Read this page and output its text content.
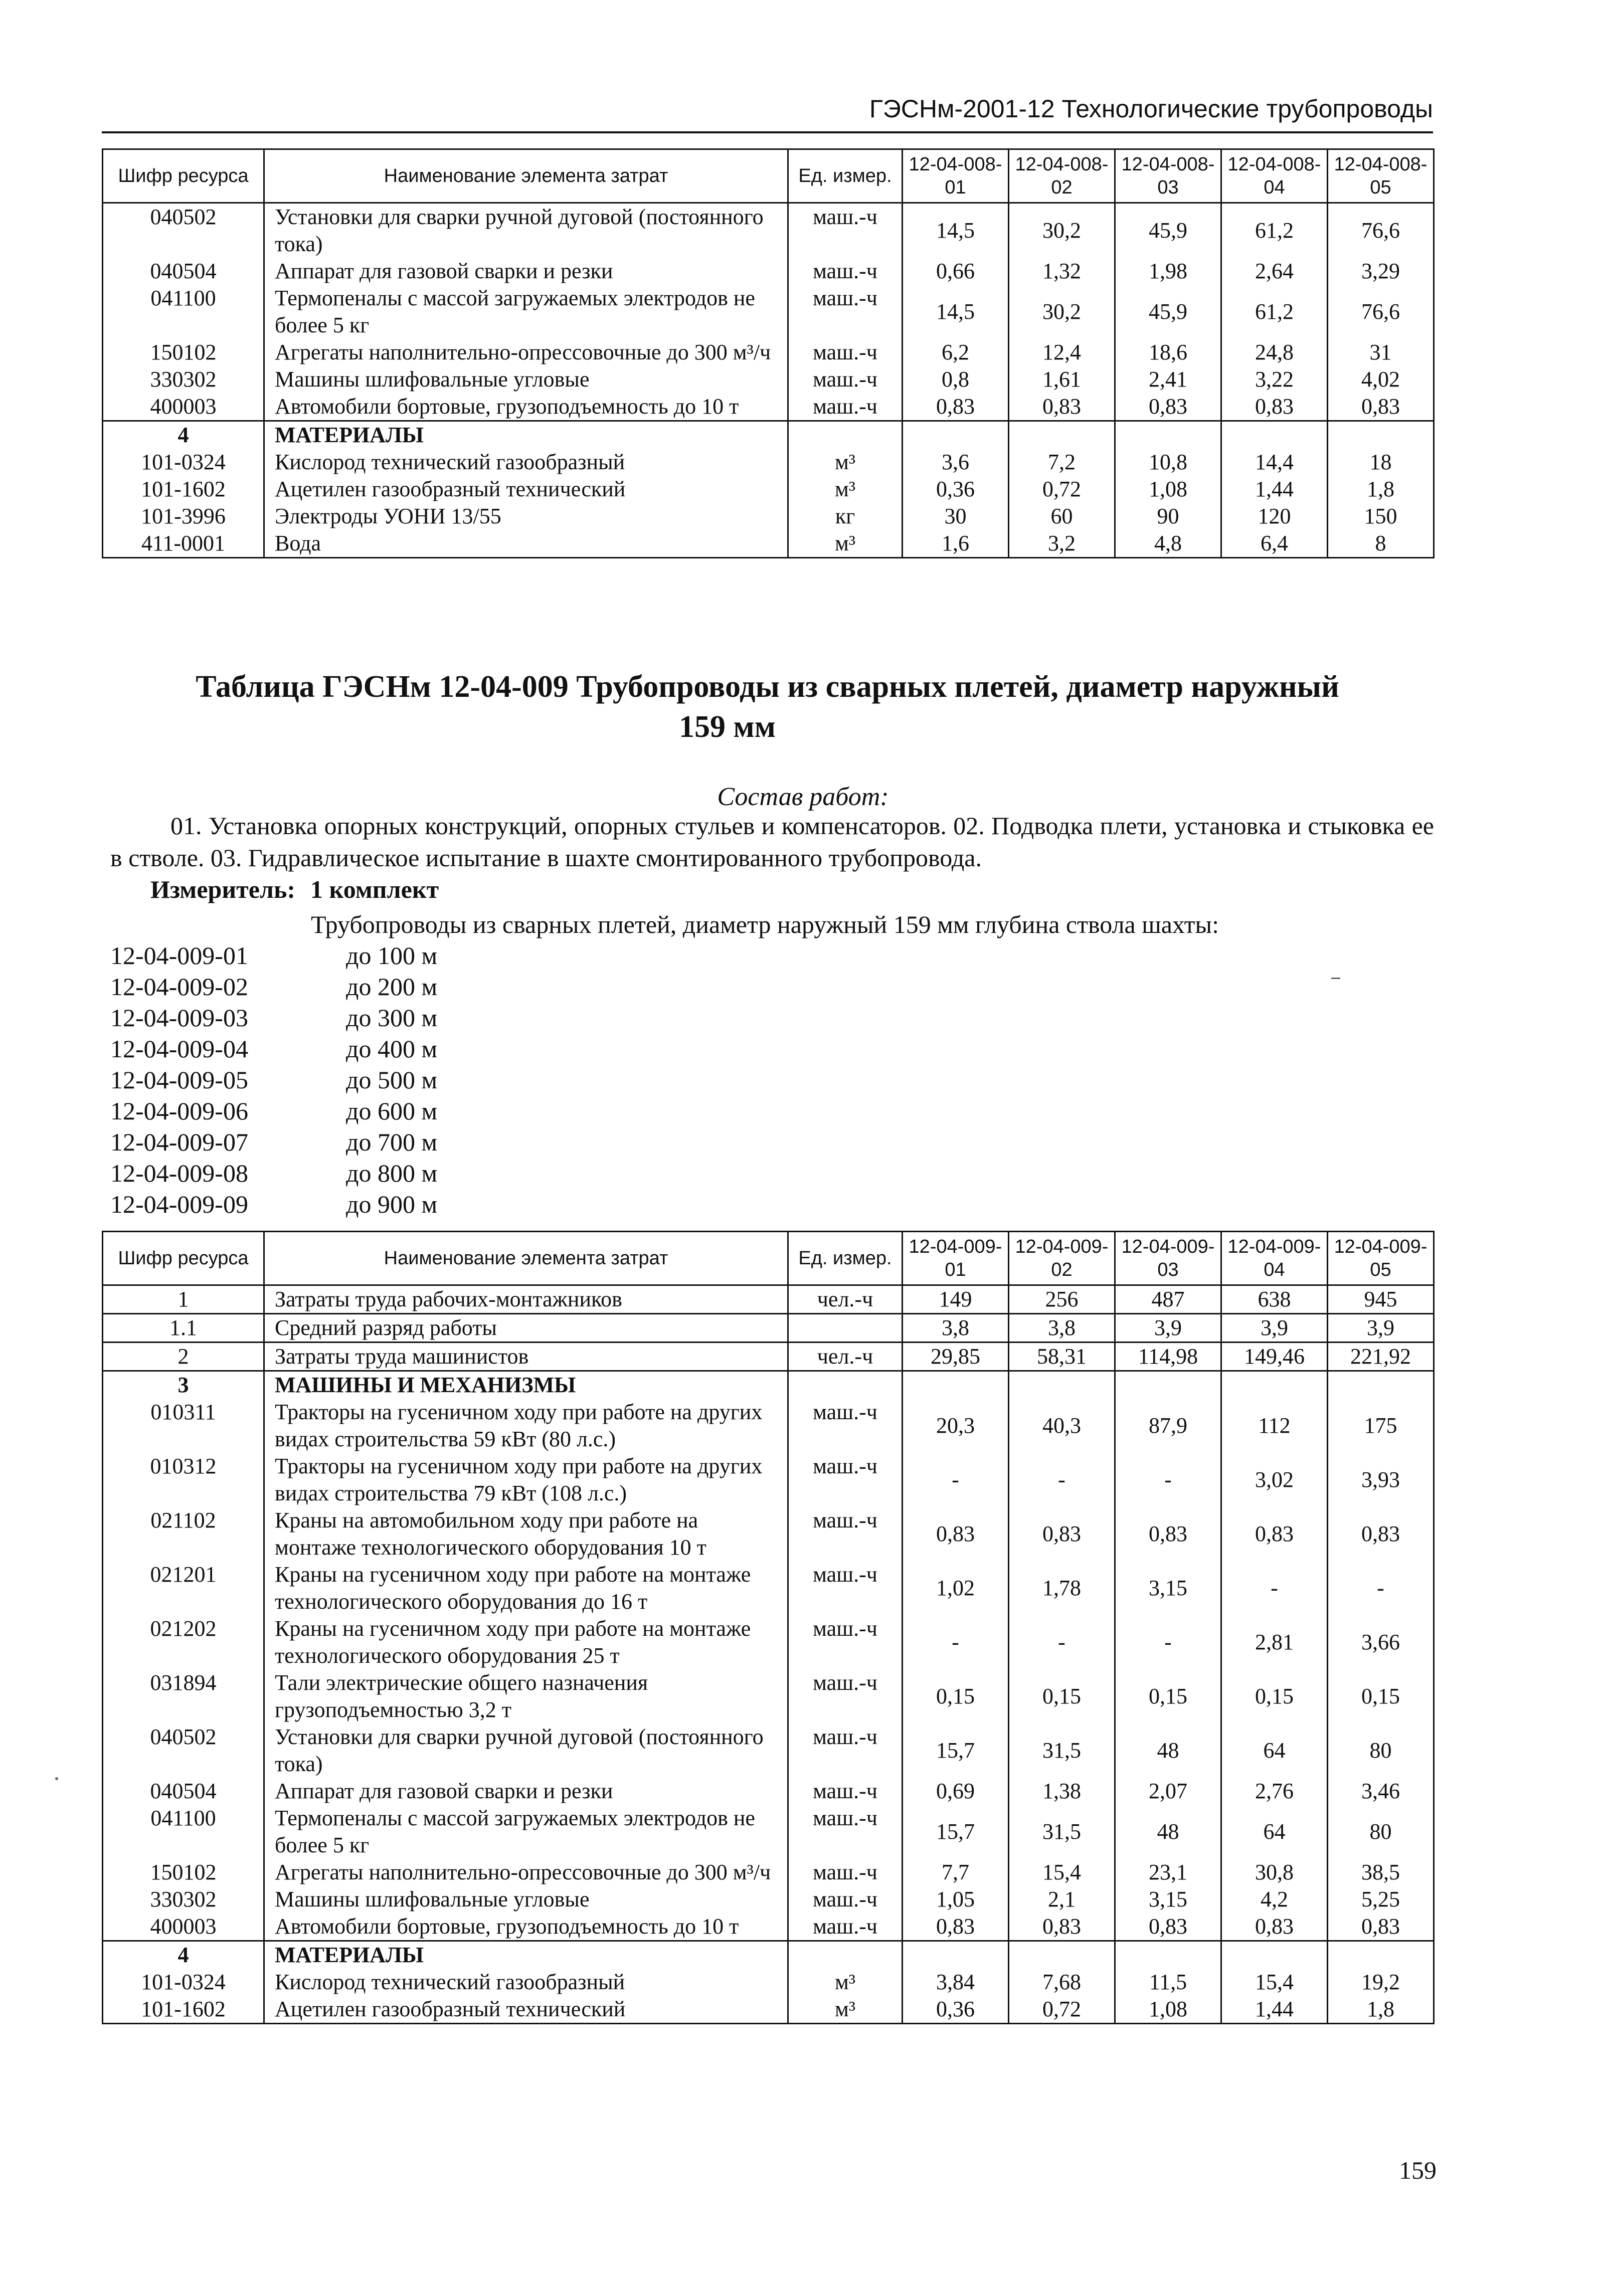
ГЭСНм-2001-12 Технологические трубопроводы
Шифр ресурса	Наименование элемента затрат	Ед. измер.	12-04-008-01	12-04-008-02	12-04-008-03	12-04-008-04	12-04-008-05
040502	Установки для сварки ручной дуговой (постоянного тока)	маш.-ч	14,5	30,2	45,9	61,2	76,6
040504	Аппарат для газовой сварки и резки	маш.-ч	0,66	1,32	1,98	2,64	3,29
041100	Термопеналы с массой загружаемых электродов не более 5 кг	маш.-ч	14,5	30,2	45,9	61,2	76,6
150102	Агрегаты наполнительно-опрессовочные до 300 м³/ч	маш.-ч	6,2	12,4	18,6	24,8	31
330302	Машины шлифовальные угловые	маш.-ч	0,8	1,61	2,41	3,22	4,02
400003	Автомобили бортовые, грузоподъемность до 10 т	маш.-ч	0,83	0,83	0,83	0,83	0,83
4	МАТЕРИАЛЫ						
101-0324	Кислород технический газообразный	м³	3,6	7,2	10,8	14,4	18
101-1602	Ацетилен газообразный технический	м³	0,36	0,72	1,08	1,44	1,8
101-3996	Электроды УОНИ 13/55	кг	30	60	90	120	150
411-0001	Вода	м³	1,6	3,2	4,8	6,4	8
Таблица ГЭСНм 12-04-009 Трубопроводы из сварных плетей, диаметр наружный
159 мм
Состав работ:
01. Установка опорных конструкций, опорных стульев и компенсаторов. 02. Подводка плети, установка и стыковка ее в стволе. 03. Гидравлическое испытание в шахте смонтированного трубопровода.
Измеритель: 1 комплект
Трубопроводы из сварных плетей, диаметр наружный 159 мм глубина ствола шахты:
12-04-009-01	до 100 м
12-04-009-02	до 200 м
12-04-009-03	до 300 м
12-04-009-04	до 400 м
12-04-009-05	до 500 м
12-04-009-06	до 600 м
12-04-009-07	до 700 м
12-04-009-08	до 800 м
12-04-009-09	до 900 м
Шифр ресурса	Наименование элемента затрат	Ед. измер.	12-04-009-01	12-04-009-02	12-04-009-03	12-04-009-04	12-04-009-05
1	Затраты труда рабочих-монтажников	чел.-ч	149	256	487	638	945
1.1	Средний разряд работы		3,8	3,8	3,9	3,9	3,9
2	Затраты труда машинистов	чел.-ч	29,85	58,31	114,98	149,46	221,92
3	МАШИНЫ И МЕХАНИЗМЫ						
010311	Тракторы на гусеничном ходу при работе на других видах строительства 59 кВт (80 л.с.)	маш.-ч	20,3	40,3	87,9	112	175
010312	Тракторы на гусеничном ходу при работе на других видах строительства 79 кВт (108 л.с.)	маш.-ч	-	-	-	3,02	3,93
021102	Краны на автомобильном ходу при работе на монтаже технологического оборудования 10 т	маш.-ч	0,83	0,83	0,83	0,83	0,83
021201	Краны на гусеничном ходу при работе на монтаже технологического оборудования до 16 т	маш.-ч	1,02	1,78	3,15	-	-
021202	Краны на гусеничном ходу при работе на монтаже технологического оборудования 25 т	маш.-ч	-	-	-	2,81	3,66
031894	Тали электрические общего назначения грузоподъемностью 3,2 т	маш.-ч	0,15	0,15	0,15	0,15	0,15
040502	Установки для сварки ручной дуговой (постоянного тока)	маш.-ч	15,7	31,5	48	64	80
040504	Аппарат для газовой сварки и резки	маш.-ч	0,69	1,38	2,07	2,76	3,46
041100	Термопеналы с массой загружаемых электродов не более 5 кг	маш.-ч	15,7	31,5	48	64	80
150102	Агрегаты наполнительно-опрессовочные до 300 м³/ч	маш.-ч	7,7	15,4	23,1	30,8	38,5
330302	Машины шлифовальные угловые	маш.-ч	1,05	2,1	3,15	4,2	5,25
400003	Автомобили бортовые, грузоподъемность до 10 т	маш.-ч	0,83	0,83	0,83	0,83	0,83
4	МАТЕРИАЛЫ						
101-0324	Кислород технический газообразный	м³	3,84	7,68	11,5	15,4	19,2
101-1602	Ацетилен газообразный технический	м³	0,36	0,72	1,08	1,44	1,8
159
